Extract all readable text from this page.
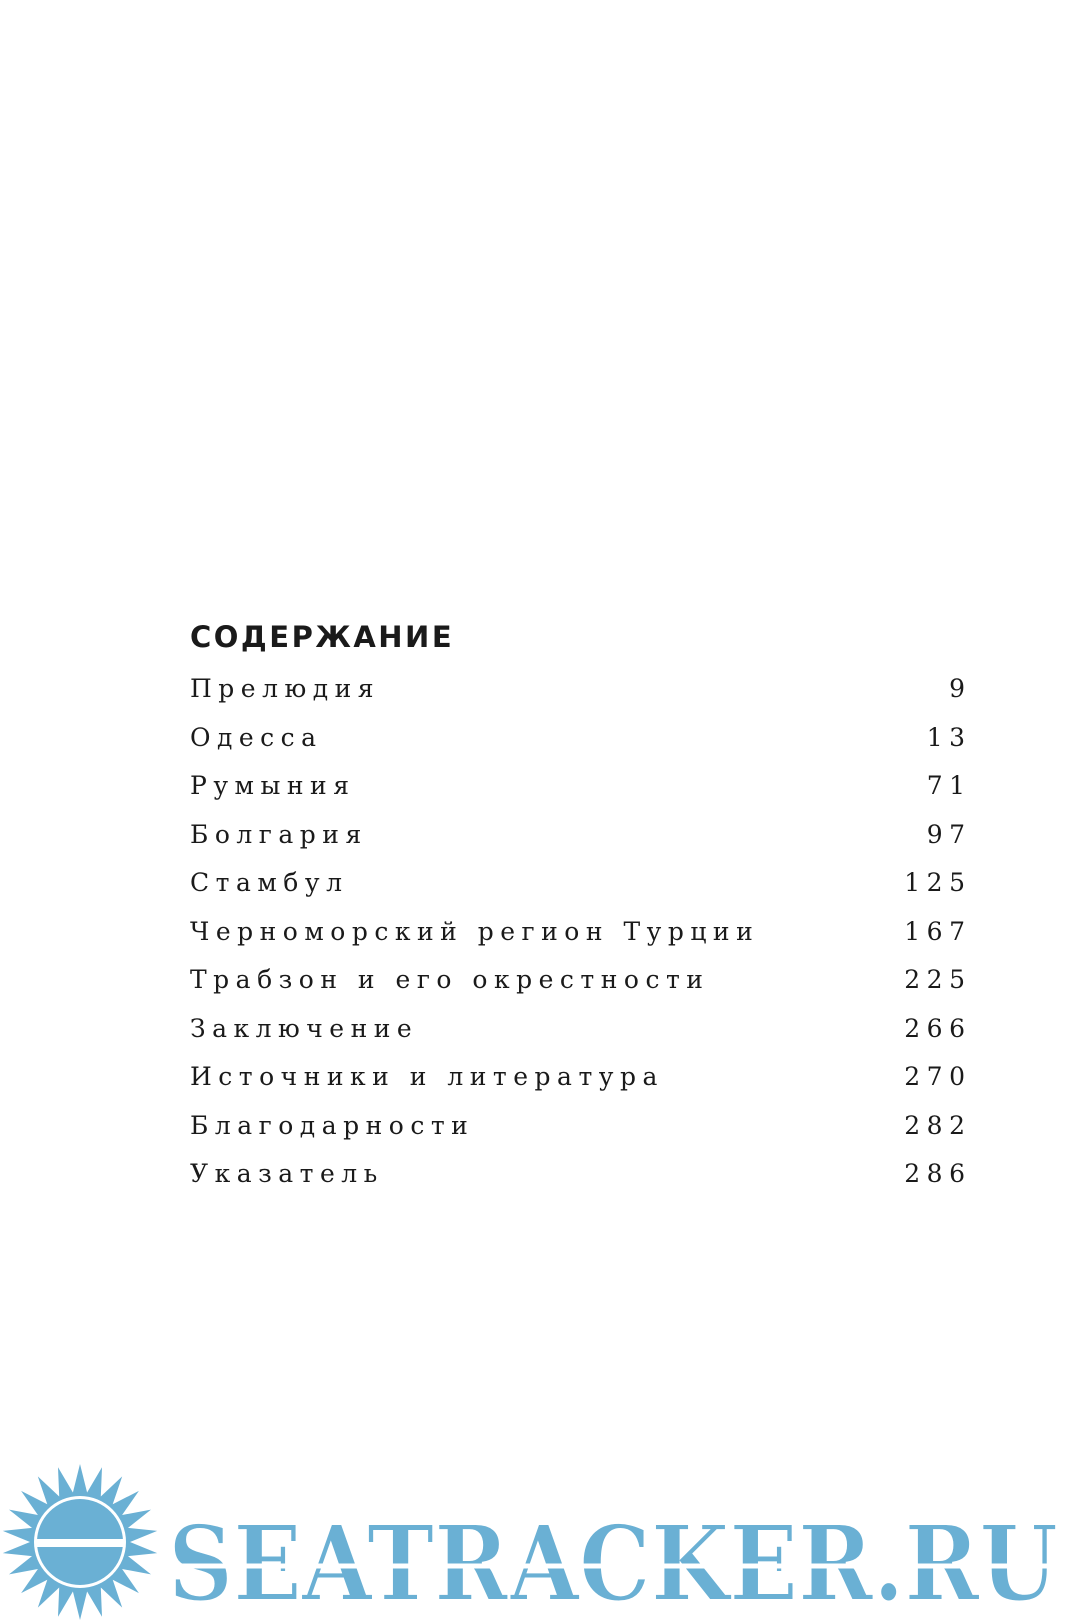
СОДЕРЖАНИЕ
Прелюдия	9
Одесса	13
Румыния	71
Болгария	97
Стамбул	125
Черноморский регион Турции	167
Трабзон и его окрестности	225
Заключение	266
Источники и литература	270
Благодарности	282
Указатель	286
SEATRACKER.RU
